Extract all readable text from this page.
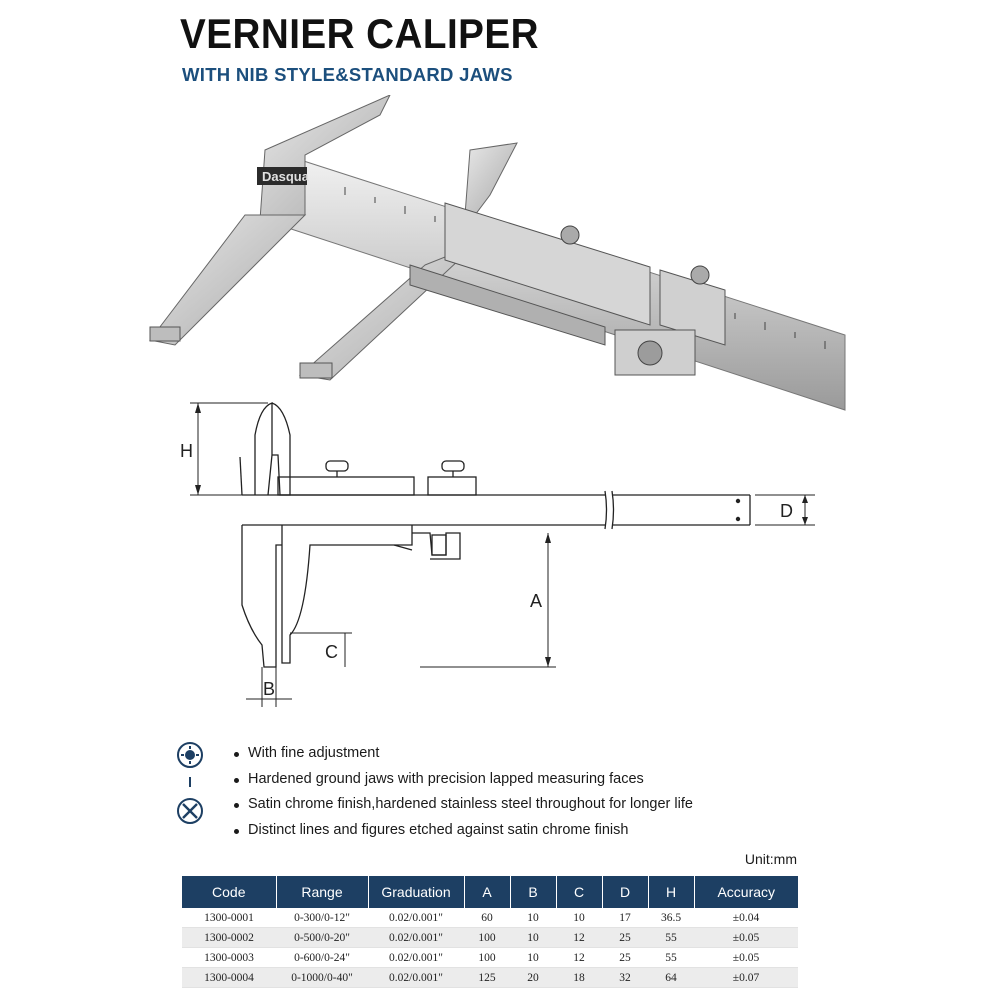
VERNIER CALIPER
WITH NIB STYLE&STANDARD JAWS
Dasqua
H
D
A
C
B
With fine adjustment
Hardened ground jaws with precision lapped measuring faces
Satin chrome finish,hardened stainless steel throughout for longer life
Distinct lines and figures etched against satin chrome finish
Unit:mm
Code	Range	Graduation	A	B	C	D	H	Accuracy
1300-0001	0-300/0-12"	0.02/0.001"	60	10	10	17	36.5	±0.04
1300-0002	0-500/0-20"	0.02/0.001"	100	10	12	25	55	±0.05
1300-0003	0-600/0-24"	0.02/0.001"	100	10	12	25	55	±0.05
1300-0004	0-1000/0-40"	0.02/0.001"	125	20	18	32	64	±0.07
